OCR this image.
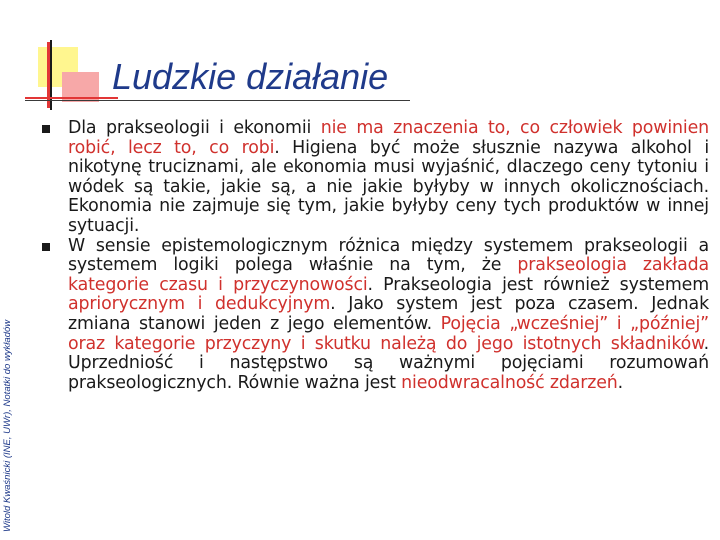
Ludzkie działanie
Witold Kwaśnicki (INE, UWr), Notatki do wykładów
Dla prakseologii i ekonomii nie ma znaczenia to, co człowiek powinien robić, lecz to, co robi. Higiena być może słusznie nazywa alkohol i nikotynę truciznami, ale ekonomia musi wyjaśnić, dlaczego ceny tytoniu i wódek są takie, jakie są, a nie jakie byłyby w innych okolicznościach. Ekonomia nie zajmuje się tym, jakie byłyby ceny tych produktów w innej sytuacji.
W sensie epistemologicznym różnica między systemem prakseologii a systemem logiki polega właśnie na tym, że prakseologia zakłada kategorie czasu i przyczynowości. Prakseologia jest również systemem apriorycznym i dedukcyjnym. Jako system jest poza czasem. Jednak zmiana stanowi jeden z jego elementów. Pojęcia „wcześniej” i „później” oraz kategorie przyczyny i skutku należą do jego istotnych składników. Uprzedniość i następstwo są ważnymi pojęciami rozumowań prakseologicznych. Równie ważna jest nieodwracalność zdarzeń.
